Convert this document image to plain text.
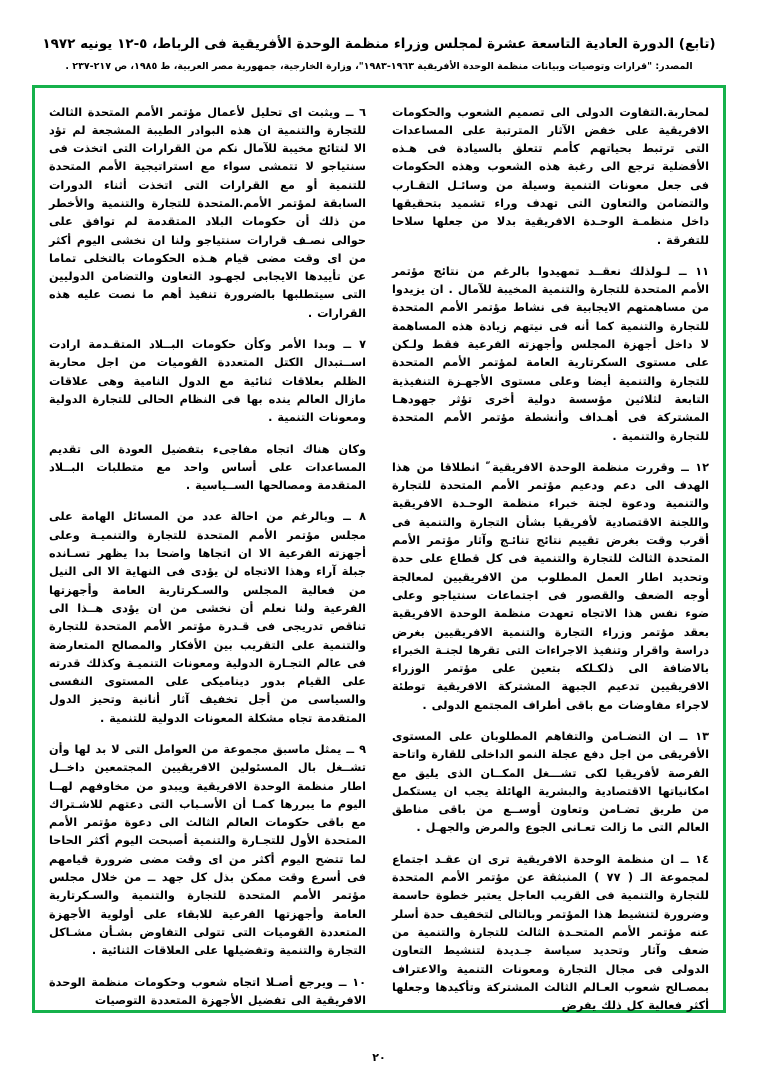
(تابع) الدورة العادية التاسعة عشرة لمجلس وزراء منظمة الوحدة الأفريقية فى الرباط، ٥-١٢ يونيه ١٩٧٢
المصدر: "قرارات وتوصيات وبيانات منظمة الوحدة الأفريقية ١٩٦٣-١٩٨٣"، وزارة الخارجية، جمهورية مصر العربية، ط ١٩٨٥، ص ٢١٧-٢٣٧ .

لمحاربة.التفاوت الدولى الى تصميم الشعوب والحكومات الافريقية على خفض الآثار المترتبة على المساعدات التى ترتبط بحياتهم كأمم تتعلق بالسيادة فى هـذه الأفضلية ترجع الى رغبة هذه الشعوب وهذه الحكومات فى جعل معونات التنمية وسيلة من وسائـل التقـارب والتضامن والتعاون التى تهدف وراء تشميد بتحقيقها داخل منظمـة الوحـدة الافريقية بدلا من جعلها سلاحا للتفرقة .

١١ ــ لـولذلك نعقــد تمهيدوا بالرغم من نتائج مؤتمر الأمم المتحدة للتجارة والتنمية المخيبة للآمال . ان يزيدوا من مساهمتهم الايجابية فى نشاط مؤتمر الأمم المتحدة للتجارة والتنمية كما أنه فى نيتهم زيادة هذه المساهمة لا داخل أجهزة المجلس وأجهزته الفرعية فقط ولـكن على مستوى السكرتارية العامة لمؤتمر الأمم المتحدة للتجارة والتنمية أيضا وعلى مستوى الأجهـزة التنفيذية التابعة لثلاثين مؤسسة دولية أخرى تؤثر جهودهـا المشتركة فى أهـداف وأنشطة مؤتمر الأمم المتحدة للتجارة والتنمية .

١٢ ــ وقررت منظمة الوحدة الافريقية ّ انطلاقا من هذا الهدف الى دعم ودعيم مؤتمر الأمم المتحدة للتجارة والتنمية ودعوة لجنة خبراء منظمة الوحـدة الافريقية واللجنة الاقتصادية لأفريقيا بشأن التجارة والتنمية فى أقرب وقت بغرض تقييم نتائج تنائـج وآثار مؤتمر الأمم المتحدة الثالث للتجارة والتنمية فى كل قطاع على حدة وتحديد اطار العمل المطلوب من الافريقيين لمعالجة أوجه الضعف والقصور فى اجتماعات سنتياجو وعلى ضوء نفس هذا الاتجاه تعهدت منظمة الوحدة الافريقية بعقد مؤتمر وزراء التجارة والتنمية الافريقيين بغرض دراسة واقرار وتنفيذ الاجراءات التى تقرها لجنـة الخبراء بالاضافة الى ذلكـلكه بتعين على مؤتمر الوزراء الافريقيين تدعيم الجبهة المشتركة الافريقية توطئة لاجراء مفاوضات مع باقى أطراف المجتمع الدولى .

١٣ ــ ان التضـامن والتفاهم المطلوبان على المستوى الأفريقى من اجل دفع عجلة النمو الداخلى للقارة واتاحة الفرصة لأفريقيا لكى تشـــغل المكــان الذى يليق مع امكانياتها الاقتصادية والبشرية الهائلة يجب ان يستكمل من طريق تضـامن وتعاون أوســع من باقى مناطق العالم التى ما زالت تعـانى الجوع والمرض والجهـل .

١٤ ــ ان منظمة الوحدة الافريقية ترى ان عقـد اجتماع لمجموعة الـ ( ٧٧ ) المنبثقة عن مؤتمر الأمم المتحدة للتجارة والتنمية فى القريب العاجل يعتبر خطوة حاسمة وضرورة لتنشيط هذا المؤتمر وبالتالى لتخفيف حدة أسلر عنه مؤتمر الأمم المتحـدة الثالث للتجارة والتنمية من ضعف وآثار وتحديد سياسة جـديدة لتنشيط التعاون الدولى فى مجال التجارة ومعونات التنمية والاعتراف بمصـالح شعوب العـالم الثالث المشتركة وتأكيدها وجعلها أكثر فعالية كل ذلك يفرض

٦ ــ ويثبت اى تحليل لأعمال مؤتمر الأمم المتحدة الثالث للتجارة والتنمية ان هذه البوادر الطيبة المشجعة لم تؤد الا لنتائج مخيبة للآمال نكم من القرارات التى اتخذت فى سنتياجو لا تتمشى سواء مع استراتيجية الأمم المتحدة للتنمية أو مع القرارات التى اتخذت أثناء الدورات السابقة لمؤتمر الأمم.المتحدة للتجارة والتنمية والأخطر من ذلك أن حكومات البلاد المتقدمة لم توافق على حوالى نصـف قرارات سنتياجو ولنا ان نخشى اليوم أكثر من اى وقت مضى قيام هـذه الحكومات بالتخلى تماما عن تأييدها الايجابى لجهـود التعاون والتضامن الدوليين التى سيتطلبها بالضرورة تنفيذ أهم ما نصت عليه هذه القرارات .

٧ ــ وبدا الأمر وكأن حكومات البــلاد المتقـدمة ارادت اســتبدال الكتل المتعددة القوميات من اجل محاربة الظلم بعلاقات ثنائية مع الدول النامية وهى علاقات مازال العالم ينده بها فى النظام الحالى للتجارة الدولية ومعونات التنمية .

وكان هناك اتجاه مفاجىء بتفضيل العودة الى تقديم المساعدات على أساس واحد مع متطلبات البــلاد المتقدمة ومصالحها الســياسية .

٨ ــ وبالرغم من احالة عدد من المسائل الهامة على مجلس مؤتمر الأمم المتحدة للتجارة والتنميـة وعلى أجهزته الفرعية الا ان اتجاها واضحا بدا يظهر تسـانده جبلة آراء وهذا الاتجاه لن يؤدى فى النهاية الا الى النيل من فعالية المجلس والسـكرتارية العامة وأجهزتها الفرعية ولنا نعلم أن نخشى من ان يؤدى هــذا الى تناقص تدريجى فى قـدرة مؤتمر الأمم المتحدة للتجارة والتنمية على التقريب بين الأفكار والمصالح المتعارضة فى عالم التجـارة الدولية ومعونات التنميـة وكذلك قدرته على القيام بدور ديناميكى على المستوى النفسى والسياسى من أجل تخفيف آثار أنانية وتحيز الدول المتقدمة تجاه مشكلة المعونات الدولية للتنمية .

٩ ــ يمثل ماسبق مجموعة من العوامل التى لا بد لها وأن تشــغل بال المسئولين الافريقيين المجتمعين داخــل اطار منظمة الوحدة الافريقية ويبدو من مخاوفهم لهــا اليوم ما يبررها كمـا أن الأسـباب التى دعتهم للاشـتراك مع باقى حكومات العالم الثالث الى دعوة مؤتمر الأمم المتحدة الأول للتجـارة والتنمية أصبحت اليوم أكثر الحاحا لما تتضح اليوم أكثر من اى وقت مضى ضرورة قيامهم فى أسرع وقت ممكن بذل كل جهد ــ من خلال مجلس مؤتمر الأمم المتحدة للتجارة والتنمية والسـكرتارية العامة وأجهزتها الفرعية للابقاء على أولوية الأجهزة المتعددة القوميات التى تتولى التفاوض بشـأن مشـاكل التجارة والتنمية وتفضيلها على العلاقات الثنائية .

١٠ ــ ويرجع أصـلا اتجاه شعوب وحكومات منظمة الوحدة الافريقية الى تفضيل الأجهزة المتعددة التوصيات

٢٠
